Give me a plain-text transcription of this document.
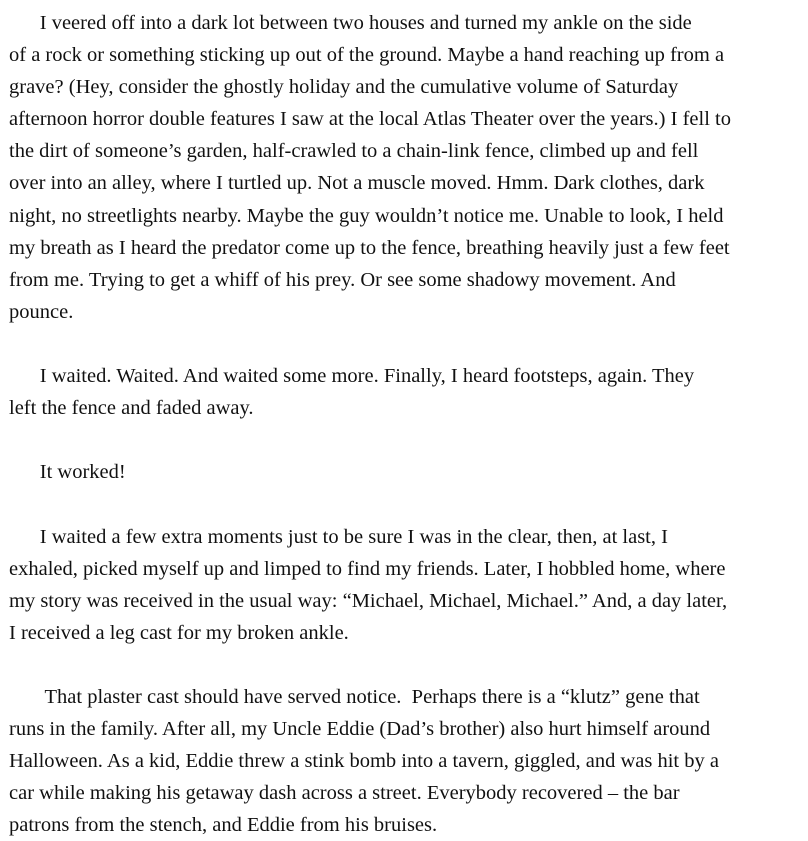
I veered off into a dark lot between two houses and turned my ankle on the side
of a rock or something sticking up out of the ground. Maybe a hand reaching up from a
grave? (Hey, consider the ghostly holiday and the cumulative volume of Saturday
afternoon horror double features I saw at the local Atlas Theater over the years.) I fell to
the dirt of someone’s garden, half-crawled to a chain-link fence, climbed up and fell
over into an alley, where I turtled up. Not a muscle moved. Hmm. Dark clothes, dark
night, no streetlights nearby. Maybe the guy wouldn’t notice me. Unable to look, I held
my breath as I heard the predator come up to the fence, breathing heavily just a few feet
from me. Trying to get a whiff of his prey. Or see some shadowy movement. And
pounce.

I waited. Waited. And waited some more. Finally, I heard footsteps, again. They
left the fence and faded away.

It worked!

I waited a few extra moments just to be sure I was in the clear, then, at last, I
exhaled, picked myself up and limped to find my friends. Later, I hobbled home, where
my story was received in the usual way: “Michael, Michael, Michael.” And, a day later,
I received a leg cast for my broken ankle.

That plaster cast should have served notice.  Perhaps there is a “klutz” gene that
runs in the family. After all, my Uncle Eddie (Dad’s brother) also hurt himself around
Halloween. As a kid, Eddie threw a stink bomb into a tavern, giggled, and was hit by a
car while making his getaway dash across a street. Everybody recovered – the bar
patrons from the stench, and Eddie from his bruises.
